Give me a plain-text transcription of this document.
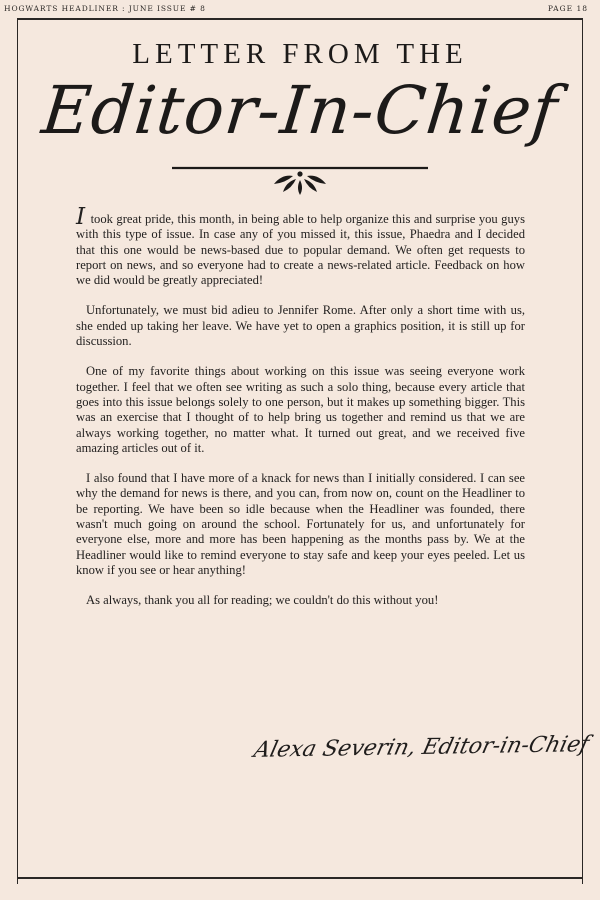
HOGWARTS HEADLINER : JUNE ISSUE # 8	PAGE 18
LETTER FROM THE
Editor-In-Chief

I took great pride, this month, in being able to help organize this and surprise you guys with this type of issue. In case any of you missed it, this issue, Phaedra and I decided that this one would be news-based due to popular demand. We often get requests to report on news, and so everyone had to create a news-related article. Feedback on how we did would be greatly appreciated!

Unfortunately, we must bid adieu to Jennifer Rome. After only a short time with us, she ended up taking her leave. We have yet to open a graphics position, it is still up for discussion.

One of my favorite things about working on this issue was seeing everyone work together. I feel that we often see writing as such a solo thing, because every article that goes into this issue belongs solely to one person, but it makes up something bigger. This was an exercise that I thought of to help bring us together and remind us that we are always working together, no matter what. It turned out great, and we received five amazing articles out of it.

I also found that I have more of a knack for news than I initially considered. I can see why the demand for news is there, and you can, from now on, count on the Headliner to be reporting. We have been so idle because when the Headliner was founded, there wasn't much going on around the school. Fortunately for us, and unfortunately for everyone else, more and more has been happening as the months pass by. We at the Headliner would like to remind everyone to stay safe and keep your eyes peeled. Let us know if you see or hear anything!

As always, thank you all for reading; we couldn't do this without you!

Alexa Severin, Editor-in-Chief
